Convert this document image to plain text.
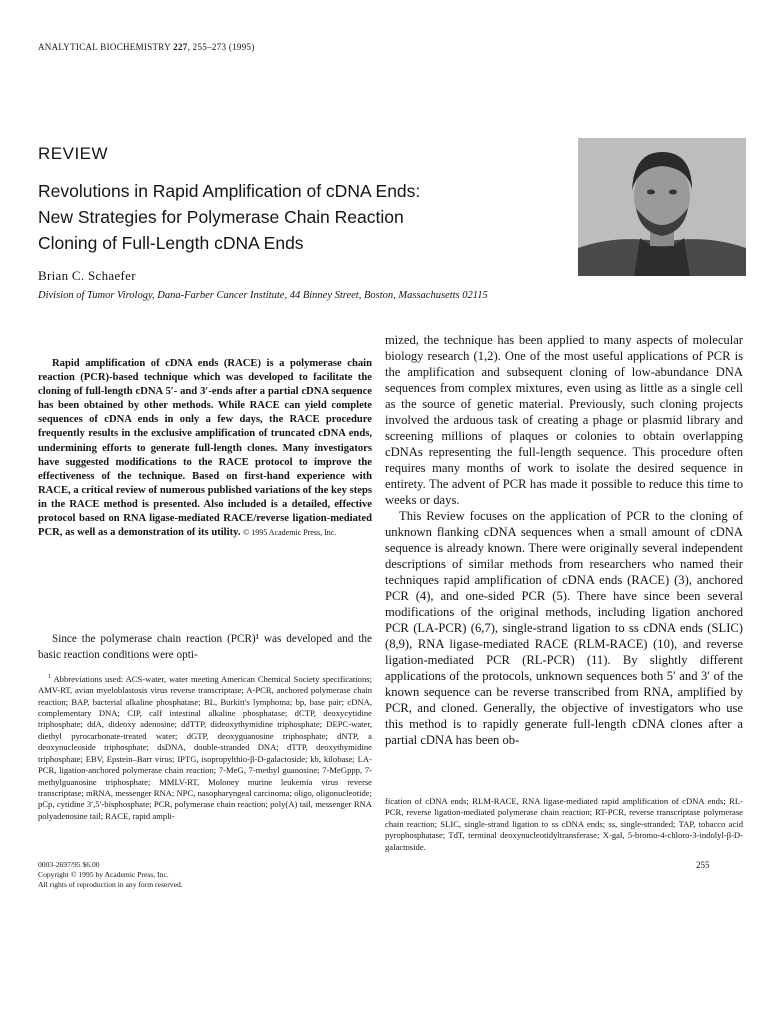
ANALYTICAL BIOCHEMISTRY 227, 255–273 (1995)
REVIEW
Revolutions in Rapid Amplification of cDNA Ends:
New Strategies for Polymerase Chain Reaction
Cloning of Full-Length cDNA Ends
Brian C. Schaefer
Division of Tumor Virology, Dana-Farber Cancer Institute, 44 Binney Street, Boston, Massachusetts 02115
Rapid amplification of cDNA ends (RACE) is a polymerase chain reaction (PCR)-based technique which was developed to facilitate the cloning of full-length cDNA 5′- and 3′-ends after a partial cDNA sequence has been obtained by other methods. While RACE can yield complete sequences of cDNA ends in only a few days, the RACE procedure frequently results in the exclusive amplification of truncated cDNA ends, undermining efforts to generate full-length clones. Many investigators have suggested modifications to the RACE protocol to improve the effectiveness of the technique. Based on first-hand experience with RACE, a critical review of numerous published variations of the key steps in the RACE method is presented. Also included is a detailed, effective protocol based on RNA ligase-mediated RACE/reverse ligation-mediated PCR, as well as a demonstration of its utility. © 1995 Academic Press, Inc.
Since the polymerase chain reaction (PCR)¹ was developed and the basic reaction conditions were opti-
$^1$ Abbreviations used: ACS-water, water meeting American Chemical Society specifications; AMV-RT, avian myeloblastosis virus reverse transcriptase; A-PCR, anchored polymerase chain reaction; BAP, bacterial alkaline phosphatase; BL, Burkitt's lymphoma; bp, base pair; cDNA, complementary DNA; CIP, calf intestinal alkaline phosphatase; dCTP, deoxycytidine triphosphate; ddA, dideoxy adenosine; ddTTP, dideoxythymidine triphosphate; DEPC-water, diethyl pyrocarbonate-treated water; dGTP, deoxyguanosine triphosphate; dNTP, a deoxynucleoside triphosphate; dsDNA, double-stranded DNA; dTTP, deoxythymidine triphosphate; EBV, Epstein–Barr virus; IPTG, isopropylthio-β-D-galactoside; kb, kilobase; LA-PCR, ligation-anchored polymerase chain reaction; 7-MeG, 7-methyl guanosine; 7-MeGppp, 7-methylguanosine triphosphate; MMLV-RT, Moloney murine leukemia virus reverse transcriptase; mRNA, messenger RNA; NPC, nasopharyngeal carcinoma; oligo, oligonucleotide; pCp, cytidine 3′,5′-bisphosphate; PCR, polymerase chain reaction; poly(A) tail, messenger RNA polyadenosine tail; RACE, rapid ampli-
0003-2697/95 $6.00
Copyright © 1995 by Academic Press, Inc.
All rights of reproduction in any form reserved.
255

mized, the technique has been applied to many aspects of molecular biology research (1,2). One of the most useful applications of PCR is the amplification and subsequent cloning of low-abundance DNA sequences from complex mixtures, even using as little as a single cell as the source of genetic material. Previously, such cloning projects involved the arduous task of creating a phage or plasmid library and screening millions of plaques or colonies to obtain overlapping cDNAs representing the full-length sequence. This procedure often requires many months of work to isolate the desired sequence in entirety. The advent of PCR has made it possible to reduce this time to weeks or days.

This Review focuses on the application of PCR to the cloning of unknown flanking cDNA sequences when a small amount of cDNA sequence is already known. There were originally several independent descriptions of similar methods from researchers who named their techniques rapid amplification of cDNA ends (RACE) (3), anchored PCR (4), and one-sided PCR (5). There have since been several modifications of the original methods, including ligation anchored PCR (LA-PCR) (6,7), single-strand ligation to ss cDNA ends (SLIC) (8,9), RNA ligase-mediated RACE (RLM-RACE) (10), and reverse ligation-mediated PCR (RL-PCR) (11). By slightly different applications of the protocols, unknown sequences both 5′ and 3′ of the known sequence can be reverse transcribed from RNA, amplified by PCR, and cloned. Generally, the objective of investigators who use this method is to rapidly generate full-length cDNA clones after a partial cDNA has been ob-

fication of cDNA ends; RLM-RACE, RNA ligase-mediated rapid amplification of cDNA ends; RL-PCR, reverse ligation-mediated polymerase chain reaction; RT-PCR, reverse transcriptase polymerase chain reaction; SLIC, single-strand ligation to ss cDNA ends; ss, single-stranded; TAP, tobacco acid pyrophosphatase; TdT, terminal deoxynucleotidyltransferase; X-gal, 5-bromo-4-chloro-3-indolyl-β-D-galactoside.
